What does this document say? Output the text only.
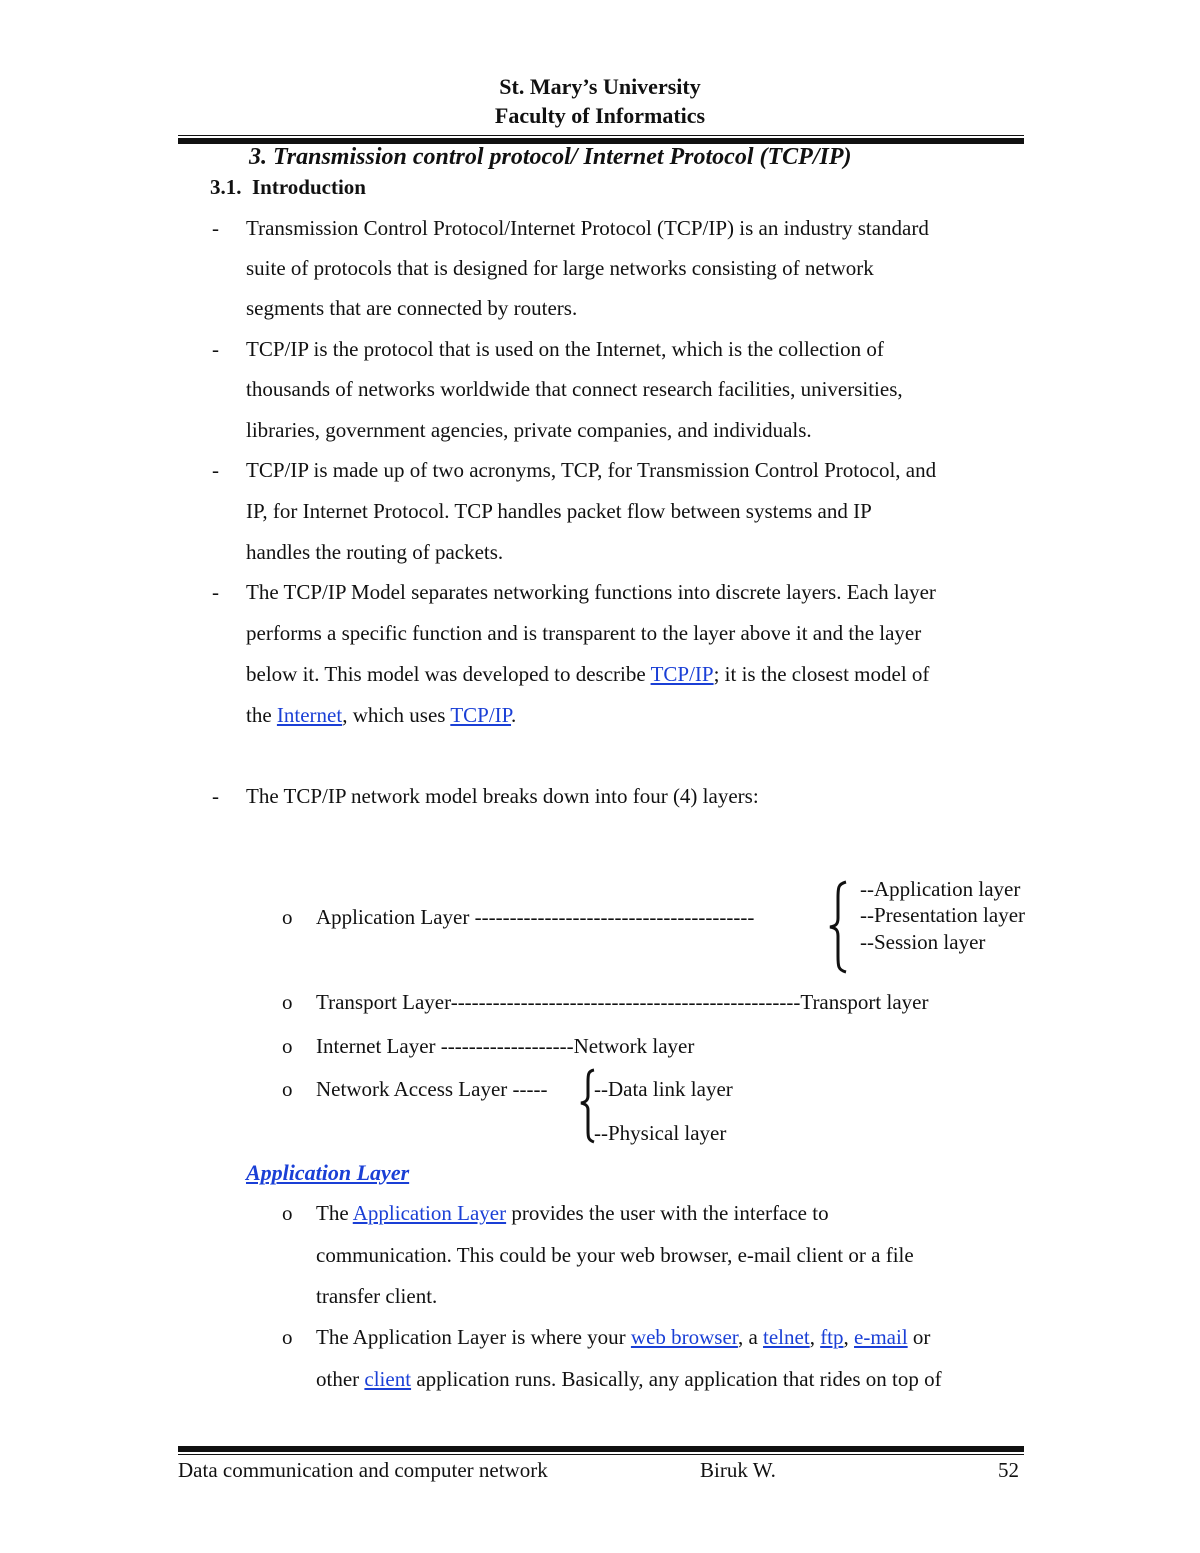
St. Mary’s University
Faculty of Informatics
3. Transmission control protocol/ Internet Protocol (TCP/IP)
3.1. Introduction
- Transmission Control Protocol/Internet Protocol (TCP/IP) is an industry standard
suite of protocols that is designed for large networks consisting of network
segments that are connected by routers.
- TCP/IP is the protocol that is used on the Internet, which is the collection of
thousands of networks worldwide that connect research facilities, universities,
libraries, government agencies, private companies, and individuals.
- TCP/IP is made up of two acronyms, TCP, for Transmission Control Protocol, and
IP, for Internet Protocol. TCP handles packet flow between systems and IP
handles the routing of packets.
- The TCP/IP Model separates networking functions into discrete layers. Each layer
performs a specific function and is transparent to the layer above it and the layer
below it. This model was developed to describe TCP/IP; it is the closest model of
the Internet, which uses TCP/IP.
- The TCP/IP network model breaks down into four (4) layers:
o Application Layer ----------------------------------------
--Application layer
--Presentation layer
--Session layer
o Transport Layer--------------------------------------------------Transport layer
o Internet Layer -------------------Network layer
o Network Access Layer ----- --Data link layer
--Physical layer
Application Layer
o The Application Layer provides the user with the interface to
communication. This could be your web browser, e-mail client or a file
transfer client.
o The Application Layer is where your web browser, a telnet, ftp, e-mail or
other client application runs. Basically, any application that rides on top of
Data communication and computer network	Biruk W.	52
